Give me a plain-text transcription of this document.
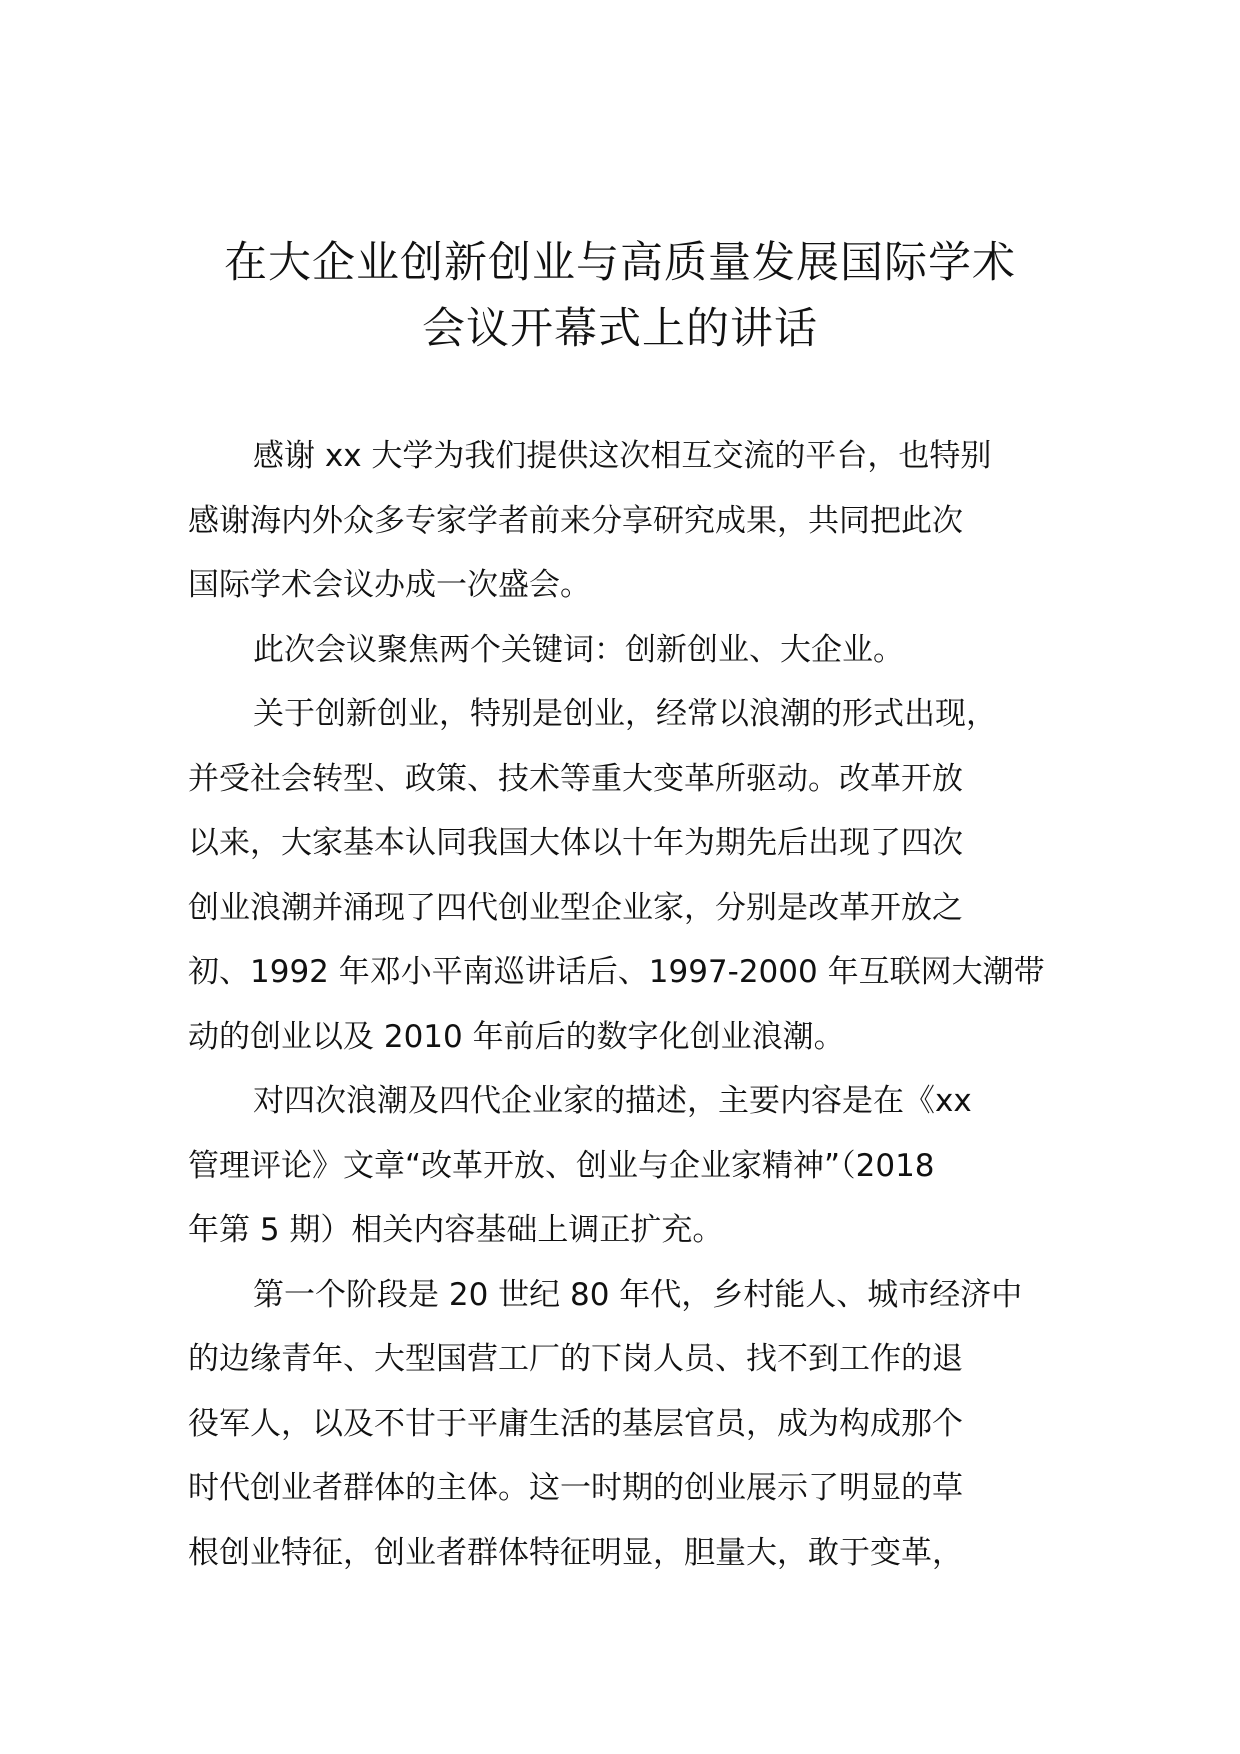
在大企业创新创业与高质量发展国际学术
会议开幕式上的讲话

感谢 xx 大学为我们提供这次相互交流的平台，也特别

感谢海内外众多专家学者前来分享研究成果，共同把此次

国际学术会议办成一次盛会。

此次会议聚焦两个关键词：创新创业、大企业。

关于创新创业，特别是创业，经常以浪潮的形式出现，

并受社会转型、政策、技术等重大变革所驱动。改革开放

以来，大家基本认同我国大体以十年为期先后出现了四次

创业浪潮并涌现了四代创业型企业家，分别是改革开放之

初、1992 年邓小平南巡讲话后、1997-2000 年互联网大潮带

动的创业以及 2010 年前后的数字化创业浪潮。

对四次浪潮及四代企业家的描述，主要内容是在《xx

管理评论》文章“改革开放、创业与企业家精神”（2018

年第 5 期）相关内容基础上调正扩充。

第一个阶段是 20 世纪 80 年代，乡村能人、城市经济中

的边缘青年、大型国营工厂的下岗人员、找不到工作的退

役军人，以及不甘于平庸生活的基层官员，成为构成那个

时代创业者群体的主体。这一时期的创业展示了明显的草

根创业特征，创业者群体特征明显，胆量大，敢于变革，
